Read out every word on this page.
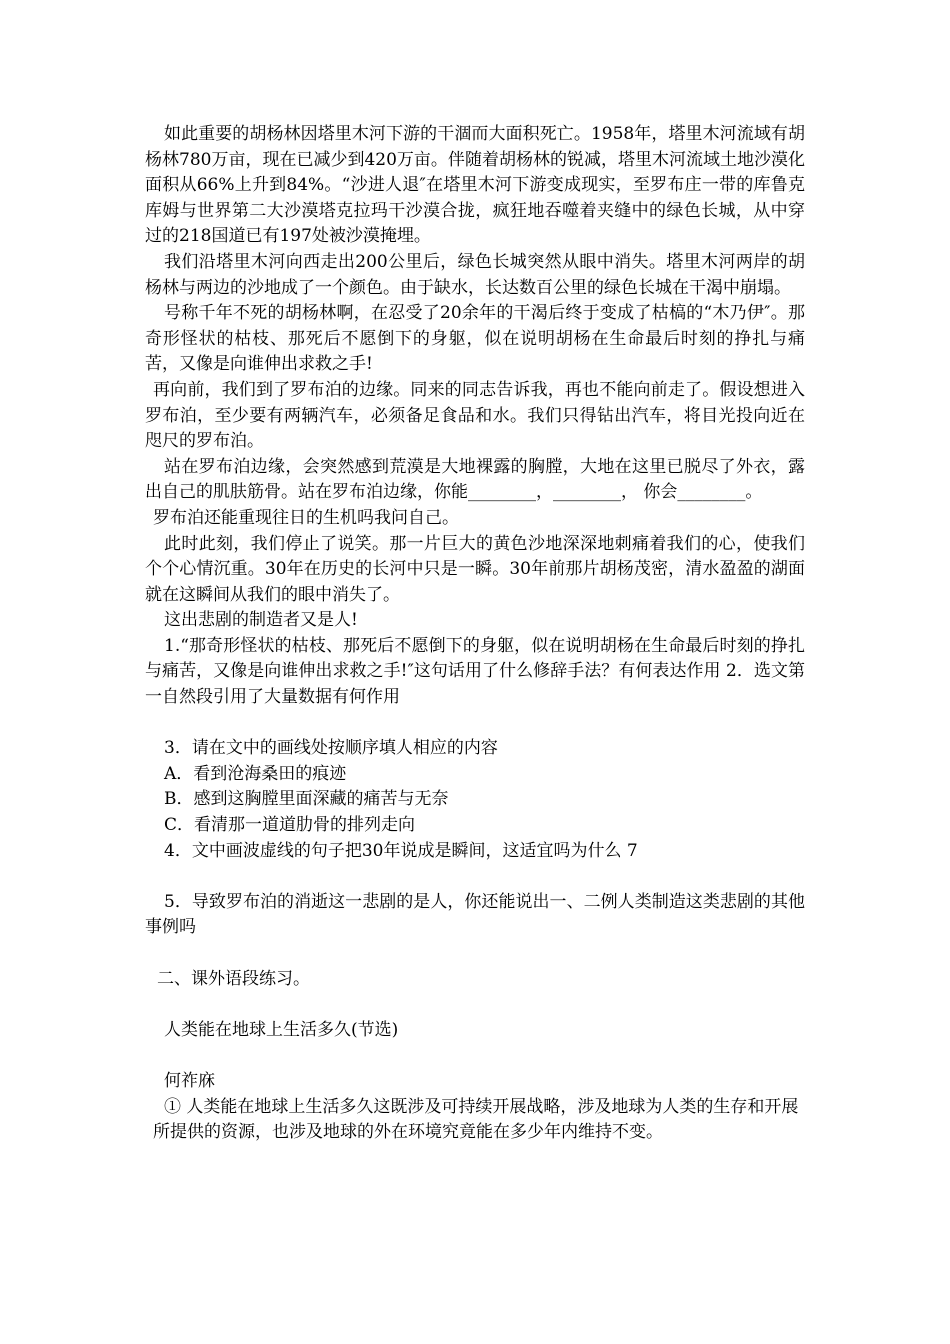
如此重要的胡杨林因塔里木河下游的干涸而大面积死亡。1958年，塔里木河流域有胡杨林780万亩，现在已减少到420万亩。伴随着胡杨林的锐减，塔里木河流域土地沙漠化面积从66%上升到84%。“沙进人退″在塔里木河下游变成现实，至罗布庄一带的库鲁克库姆与世界第二大沙漠塔克拉玛干沙漠合拢，疯狂地吞噬着夹缝中的绿色长城，从中穿过的218国道已有197处被沙漠掩埋。

我们沿塔里木河向西走出200公里后，绿色长城突然从眼中消失。塔里木河两岸的胡杨林与两边的沙地成了一个颜色。由于缺水，长达数百公里的绿色长城在干渴中崩塌。

号称千年不死的胡杨林啊，在忍受了20余年的干渴后终于变成了枯槁的“木乃伊″。那奇形怪状的枯枝、那死后不愿倒下的身躯，似在说明胡杨在生命最后时刻的挣扎与痛苦，又像是向谁伸出求救之手!

再向前，我们到了罗布泊的边缘。同来的同志告诉我，再也不能向前走了。假设想进入罗布泊，至少要有两辆汽车，必须备足食品和水。我们只得钻出汽车，将目光投向近在咫尺的罗布泊。

站在罗布泊边缘，会突然感到荒漠是大地裸露的胸膛，大地在这里已脱尽了外衣，露出自己的肌肤筋骨。站在罗布泊边缘，你能________，________， 你会________。

罗布泊还能重现往日的生机吗我问自己。

此时此刻，我们停止了说笑。那一片巨大的黄色沙地深深地刺痛着我们的心，使我们个个心情沉重。30年在历史的长河中只是一瞬。30年前那片胡杨茂密，清水盈盈的湖面就在这瞬间从我们的眼中消失了。

这出悲剧的制造者又是人!

1.“那奇形怪状的枯枝、那死后不愿倒下的身躯，似在说明胡杨在生命最后时刻的挣扎与痛苦，又像是向谁伸出求救之手!″这句话用了什么修辞手法？有何表达作用 2．选文第一自然段引用了大量数据有何作用

3．请在文中的画线处按顺序填人相应的内容

A．看到沧海桑田的痕迹

B．感到这胸膛里面深藏的痛苦与无奈

C．看清那一道道肋骨的排列走向

4．文中画波虚线的句子把30年说成是瞬间，这适宜吗为什么 7

5．导致罗布泊的消逝这一悲剧的是人，你还能说出一、二例人类制造这类悲剧的其他事例吗

二、课外语段练习。

人类能在地球上生活多久(节选)

何祚庥

① 人类能在地球上生活多久这既涉及可持续开展战略，涉及地球为人类的生存和开展

所提供的资源，也涉及地球的外在环境究竟能在多少年内维持不变。
